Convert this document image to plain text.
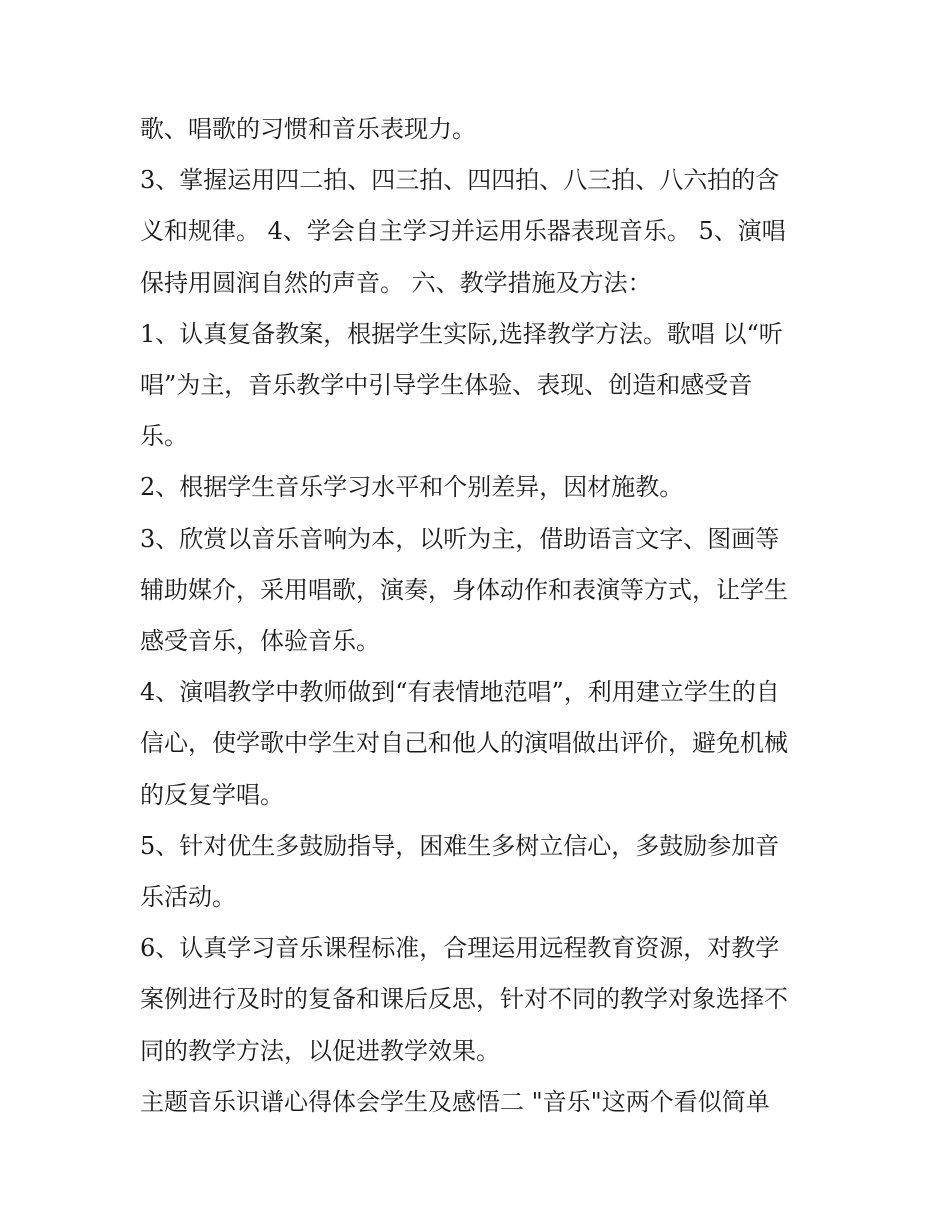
歌、唱歌的习惯和音乐表现力。
3、掌握运用四二拍、四三拍、四四拍、八三拍、八六拍的含
义和规律。 4、学会自主学习并运用乐器表现音乐。 5、演唱
保持用圆润自然的声音。 六、教学措施及方法：
1、认真复备教案，根据学生实际,选择教学方法。歌唱 以“听
唱”为主，音乐教学中引导学生体验、表现、创造和感受音
乐。
2、根据学生音乐学习水平和个别差异，因材施教。
3、欣赏以音乐音响为本，以听为主，借助语言文字、图画等
辅助媒介，采用唱歌，演奏，身体动作和表演等方式，让学生
感受音乐，体验音乐。
4、演唱教学中教师做到“有表情地范唱”，利用建立学生的自
信心，使学歌中学生对自己和他人的演唱做出评价，避免机械
的反复学唱。
5、针对优生多鼓励指导，困难生多树立信心，多鼓励参加音
乐活动。
6、认真学习音乐课程标准，合理运用远程教育资源，对教学
案例进行及时的复备和课后反思，针对不同的教学对象选择不
同的教学方法，以促进教学效果。
主题音乐识谱心得体会学生及感悟二 "音乐"这两个看似简单
